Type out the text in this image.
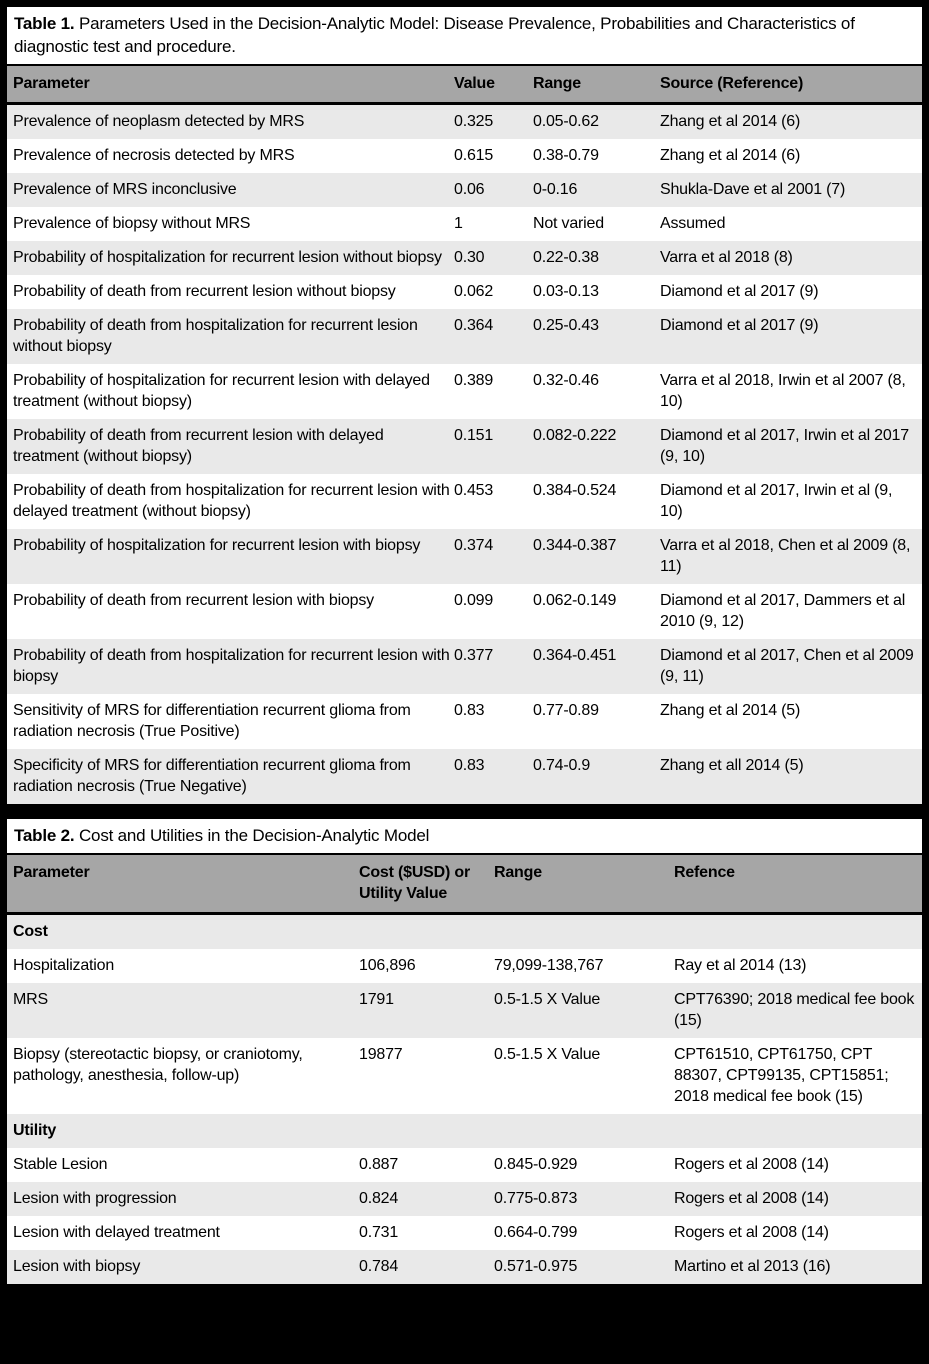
Table 1. Parameters Used in the Decision-Analytic Model: Disease Prevalence, Probabilities and Characteristics of diagnostic test and procedure.
Parameter	Value	Range	Source (Reference)
Prevalence of neoplasm detected by MRS	0.325	0.05-0.62	Zhang et al 2014 (6)
Prevalence of necrosis detected by MRS	0.615	0.38-0.79	Zhang et al 2014 (6)
Prevalence of MRS inconclusive	0.06	0-0.16	Shukla-Dave et al 2001 (7)
Prevalence of biopsy without MRS	1	Not varied	Assumed
Probability of hospitalization for recurrent lesion without biopsy	0.30	0.22-0.38	Varra et al 2018 (8)
Probability of death from recurrent lesion without biopsy	0.062	0.03-0.13	Diamond et al 2017 (9)
Probability of death from hospitalization for recurrent lesion without biopsy	0.364	0.25-0.43	Diamond et al 2017 (9)
Probability of hospitalization for recurrent lesion with delayed treatment (without biopsy)	0.389	0.32-0.46	Varra et al 2018, Irwin et al 2007 (8, 10)
Probability of death from recurrent lesion with delayed treatment (without biopsy)	0.151	0.082-0.222	Diamond et al 2017, Irwin et al 2017 (9, 10)
Probability of death from hospitalization for recurrent lesion with delayed treatment (without biopsy)	0.453	0.384-0.524	Diamond et al 2017, Irwin et al (9, 10)
Probability of hospitalization for recurrent lesion with biopsy	0.374	0.344-0.387	Varra et al 2018, Chen et al 2009 (8, 11)
Probability of death from recurrent lesion with biopsy	0.099	0.062-0.149	Diamond et al 2017, Dammers et al 2010 (9, 12)
Probability of death from hospitalization for recurrent lesion with biopsy	0.377	0.364-0.451	Diamond et al 2017, Chen et al 2009 (9, 11)
Sensitivity of MRS for differentiation recurrent glioma from radiation necrosis (True Positive)	0.83	0.77-0.89	Zhang et al 2014 (5)
Specificity of MRS for differentiation recurrent glioma from radiation necrosis (True Negative)	0.83	0.74-0.9	Zhang et all 2014 (5)
Table 2. Cost and Utilities in the Decision-Analytic Model
Parameter	Cost ($USD) or Utility Value	Range	Refence
Cost			
Hospitalization	106,896	79,099-138,767	Ray et al 2014 (13)
MRS	1791	0.5-1.5 X Value	CPT76390; 2018 medical fee book (15)
Biopsy (stereotactic biopsy, or craniotomy, pathology, anesthesia, follow-up)	19877	0.5-1.5 X Value	CPT61510, CPT61750, CPT 88307, CPT99135, CPT15851; 2018 medical fee book (15)
Utility			
Stable Lesion	0.887	0.845-0.929	Rogers et al 2008 (14)
Lesion with progression	0.824	0.775-0.873	Rogers et al 2008 (14)
Lesion with delayed treatment	0.731	0.664-0.799	Rogers et al 2008 (14)
Lesion with biopsy	0.784	0.571-0.975	Martino et al 2013 (16)
